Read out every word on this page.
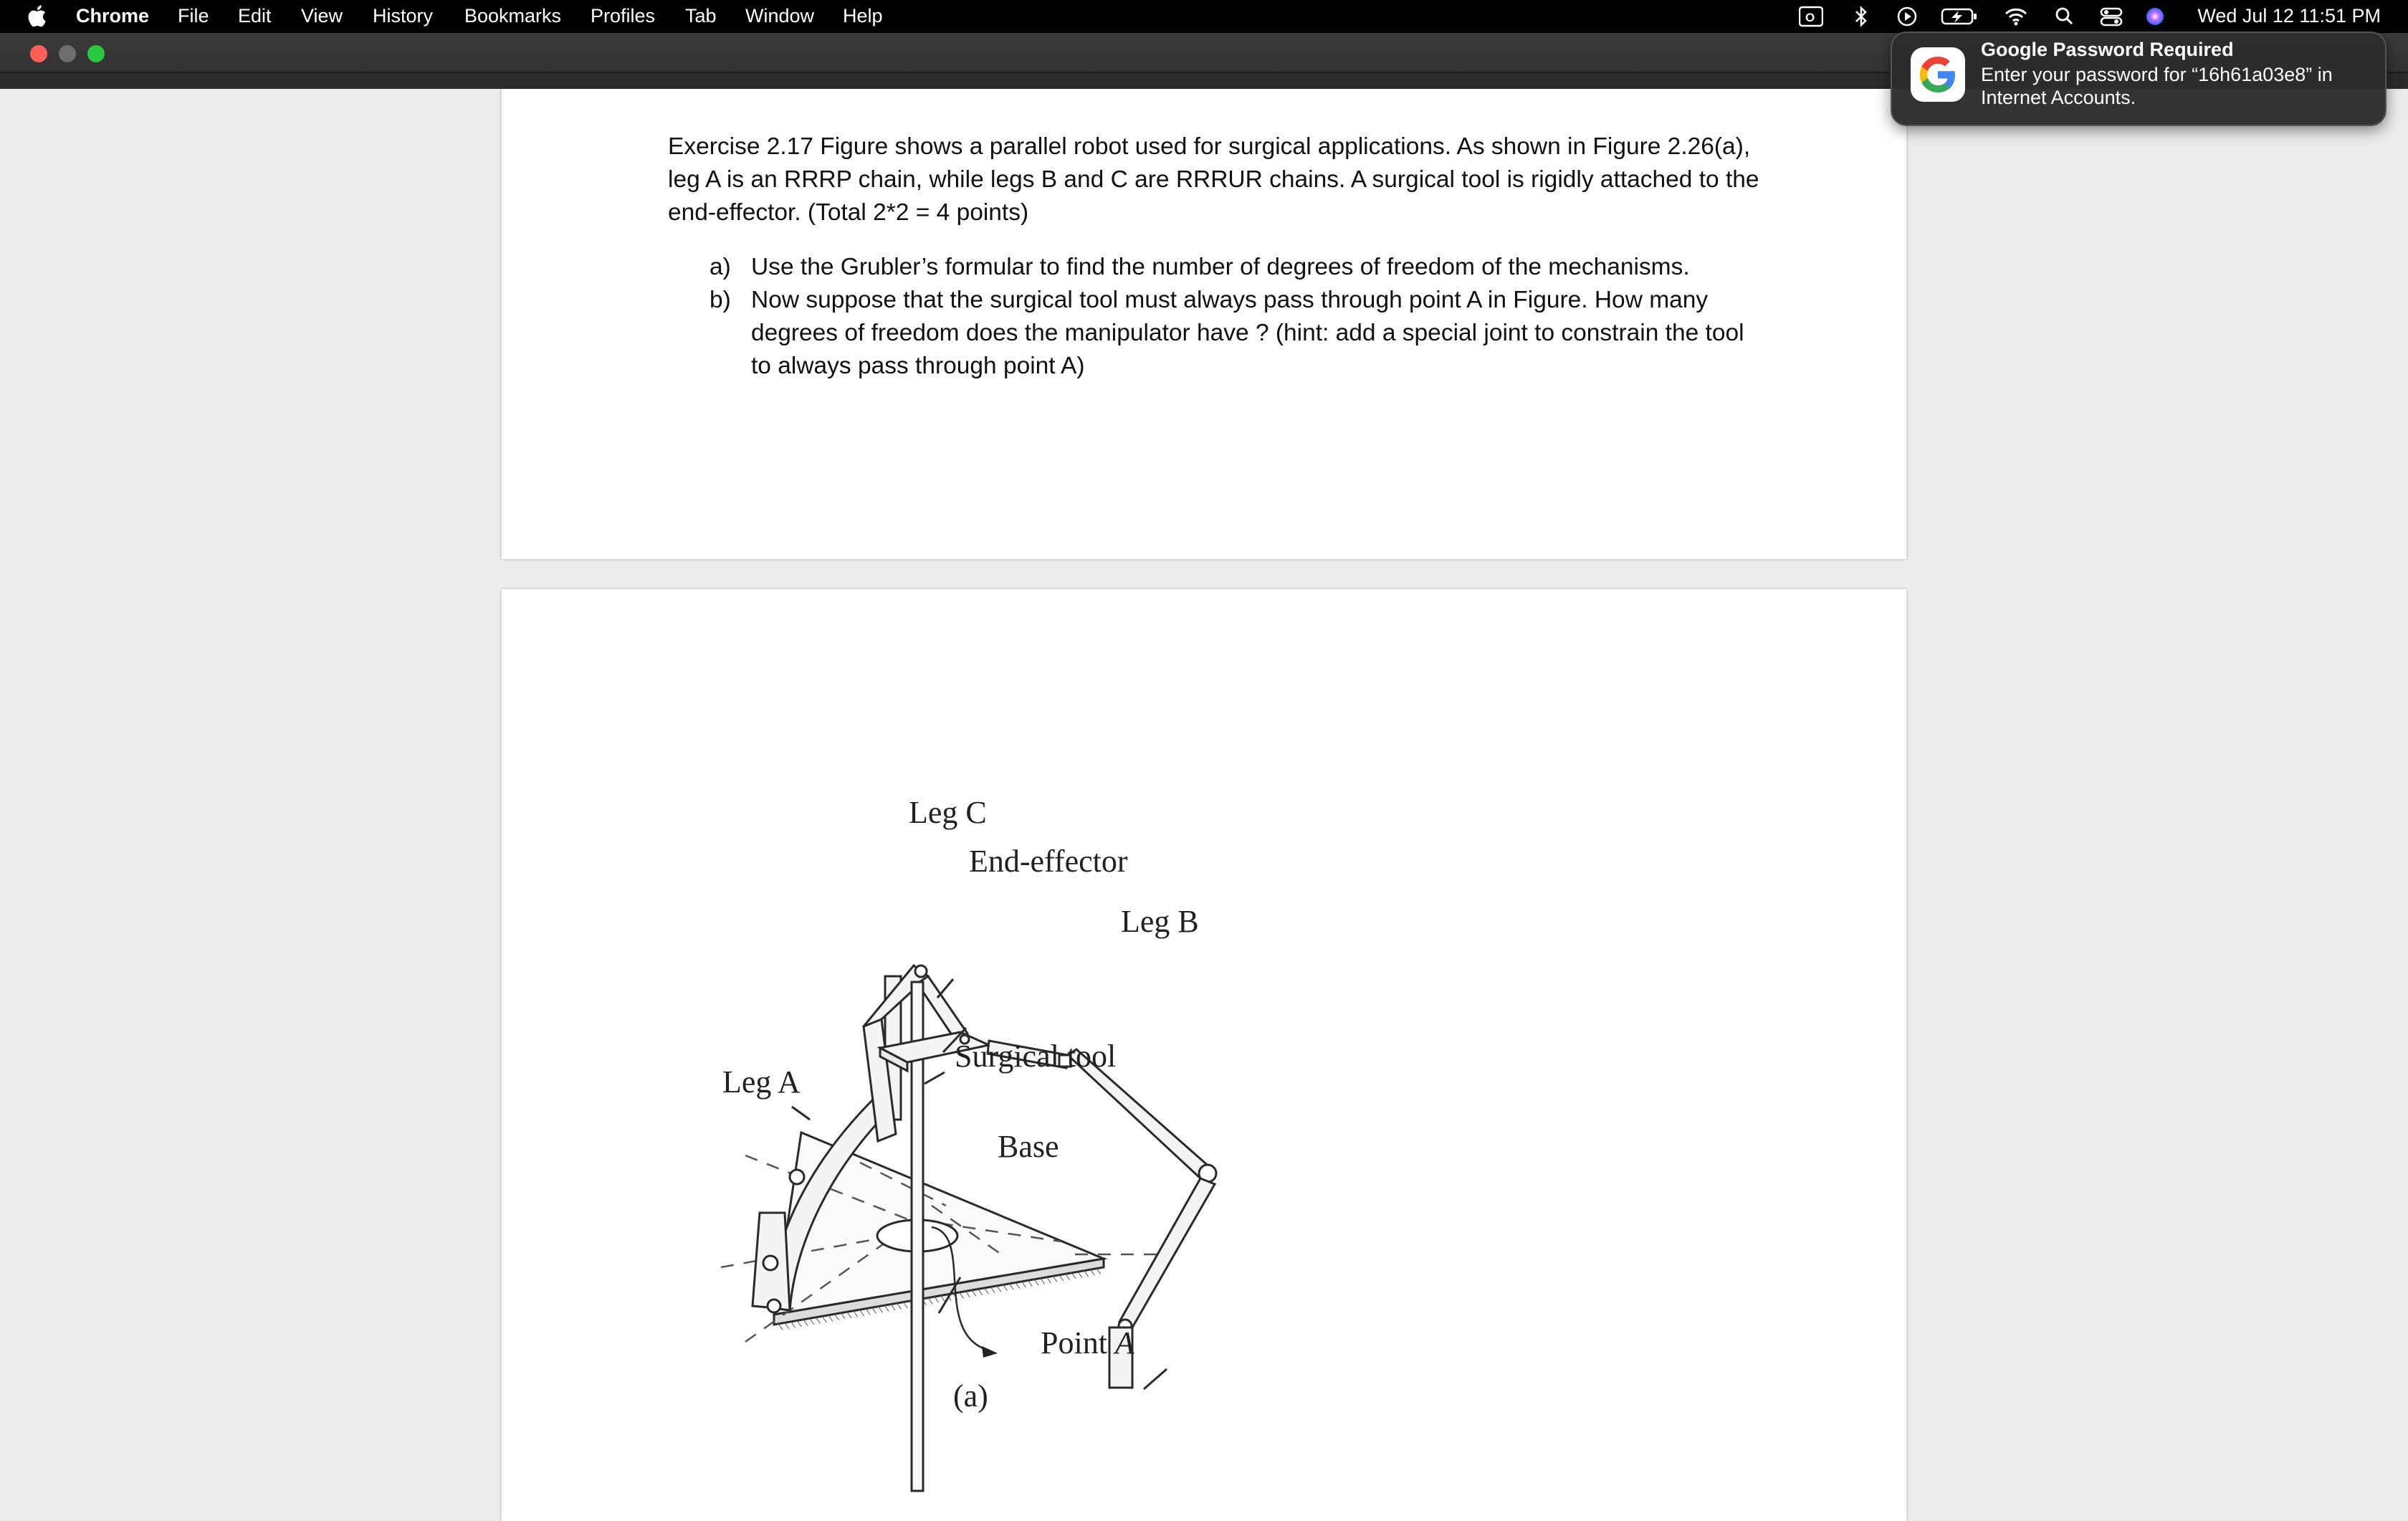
Chrome File Edit View History Bookmarks Profiles Tab Window Help	O	Wed Jul 12 11:51 PM
Exercise 2.17 Figure shows a parallel robot used for surgical applications. As shown in Figure 2.26(a), leg A is an RRRP chain, while legs B and C are RRRUR chains. A surgical tool is rigidly attached to the end-effector. (Total 2*2 = 4 points)
a) Use the Grubler’s formular to find the number of degrees of freedom of the mechanisms.
b) Now suppose that the surgical tool must always pass through point A in Figure. How many degrees of freedom does the manipulator have ? (hint: add a special joint to constrain the tool to always pass through point A)
Leg C
End-effector
Leg B
Surgical tool
Leg A
Base
Point A
(a)
Google Password Required
Enter your password for “16h61a03e8” in Internet Accounts.
